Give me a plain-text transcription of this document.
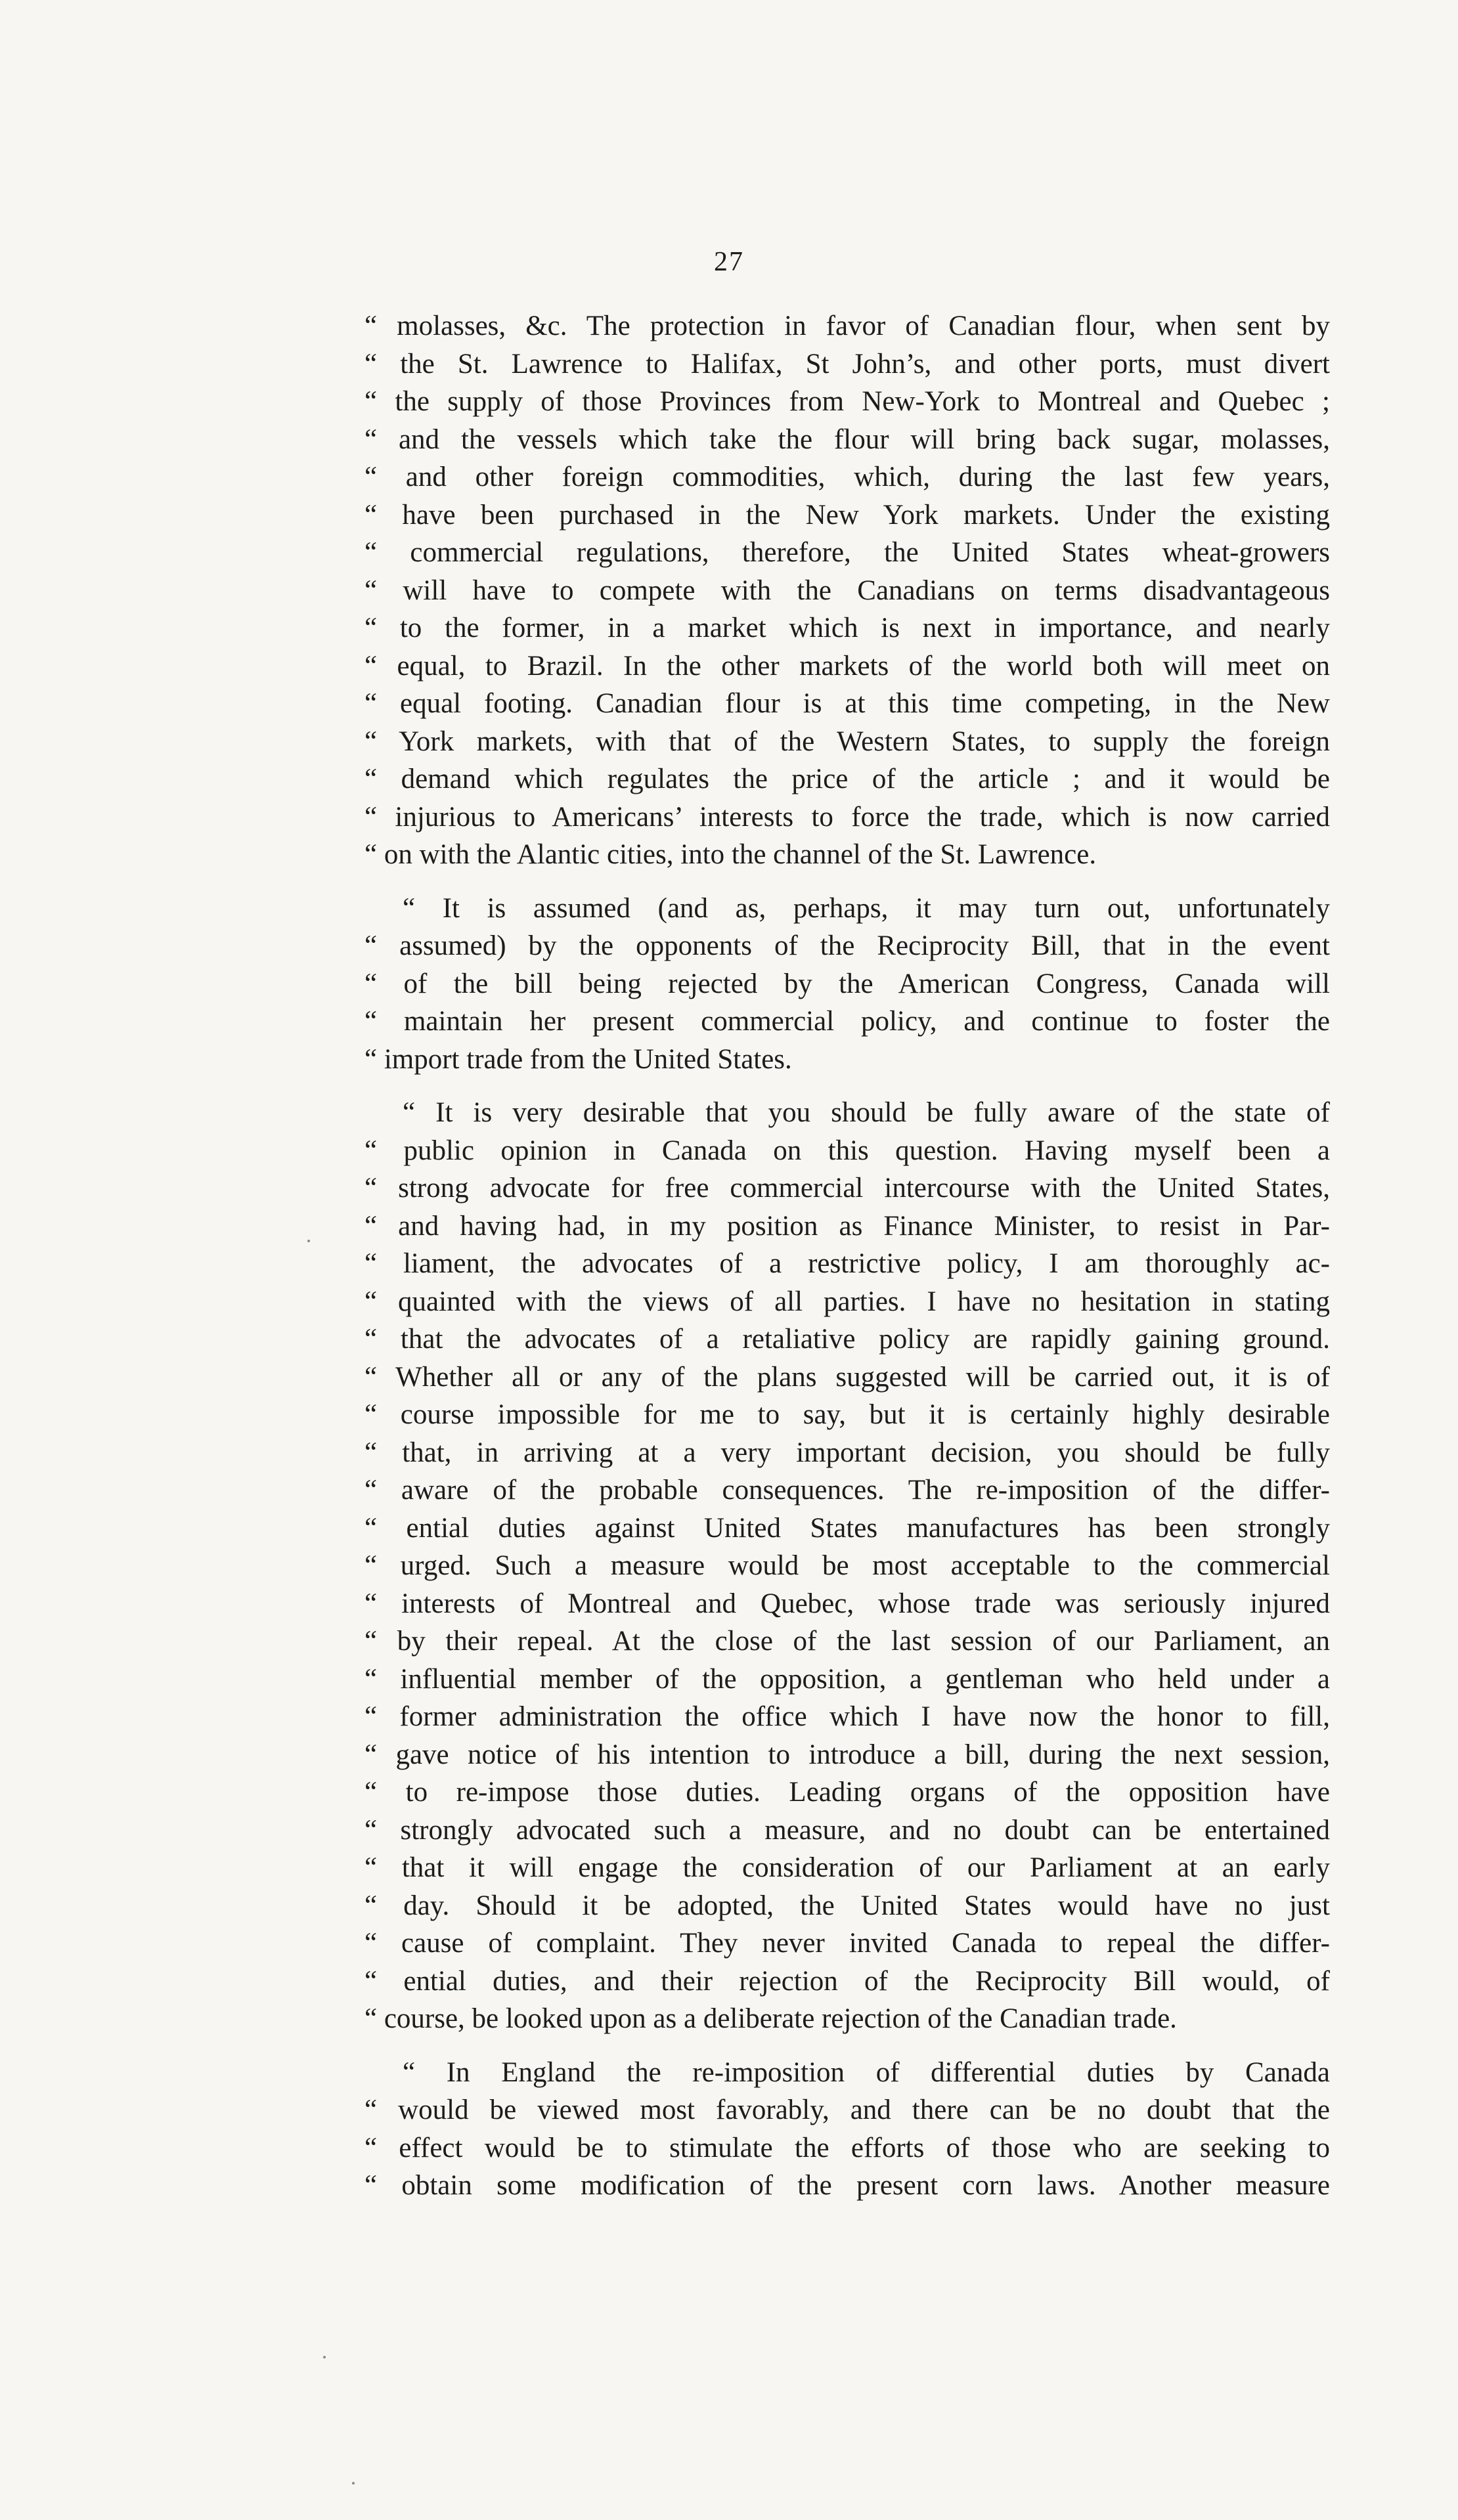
27
“ molasses, &c. The protection in favor of Canadian flour, when sent by
“ the St. Lawrence to Halifax, St John’s, and other ports, must divert
“ the supply of those Provinces from New-York to Montreal and Quebec ;
“ and the vessels which take the flour will bring back sugar, molasses,
“ and other foreign commodities, which, during the last few years,
“ have been purchased in the New York markets. Under the existing
“ commercial regulations, therefore, the United States wheat-growers
“ will have to compete with the Canadians on terms disadvantageous
“ to the former, in a market which is next in importance, and nearly
“ equal, to Brazil. In the other markets of the world both will meet on
“ equal footing. Canadian flour is at this time competing, in the New
“ York markets, with that of the Western States, to supply the foreign
“ demand which regulates the price of the article ; and it would be
“ injurious to Americans’ interests to force the trade, which is now carried
“ on with the Alantic cities, into the channel of the St. Lawrence.
“ It is assumed (and as, perhaps, it may turn out, unfortunately
“ assumed) by the opponents of the Reciprocity Bill, that in the event
“ of the bill being rejected by the American Congress, Canada will
“ maintain her present commercial policy, and continue to foster the
“ import trade from the United States.
“ It is very desirable that you should be fully aware of the state of
“ public opinion in Canada on this question. Having myself been a
“ strong advocate for free commercial intercourse with the United States,
“ and having had, in my position as Finance Minister, to resist in Par-
“ liament, the advocates of a restrictive policy, I am thoroughly ac-
“ quainted with the views of all parties. I have no hesitation in stating
“ that the advocates of a retaliative policy are rapidly gaining ground.
“ Whether all or any of the plans suggested will be carried out, it is of
“ course impossible for me to say, but it is certainly highly desirable
“ that, in arriving at a very important decision, you should be fully
“ aware of the probable consequences. The re-imposition of the differ-
“ ential duties against United States manufactures has been strongly
“ urged. Such a measure would be most acceptable to the commercial
“ interests of Montreal and Quebec, whose trade was seriously injured
“ by their repeal. At the close of the last session of our Parliament, an
“ influential member of the opposition, a gentleman who held under a
“ former administration the office which I have now the honor to fill,
“ gave notice of his intention to introduce a bill, during the next session,
“ to re-impose those duties. Leading organs of the opposition have
“ strongly advocated such a measure, and no doubt can be entertained
“ that it will engage the consideration of our Parliament at an early
“ day. Should it be adopted, the United States would have no just
“ cause of complaint. They never invited Canada to repeal the differ-
“ ential duties, and their rejection of the Reciprocity Bill would, of
“ course, be looked upon as a deliberate rejection of the Canadian trade.
“ In England the re-imposition of differential duties by Canada
“ would be viewed most favorably, and there can be no doubt that the
“ effect would be to stimulate the efforts of those who are seeking to
“ obtain some modification of the present corn laws. Another measure
